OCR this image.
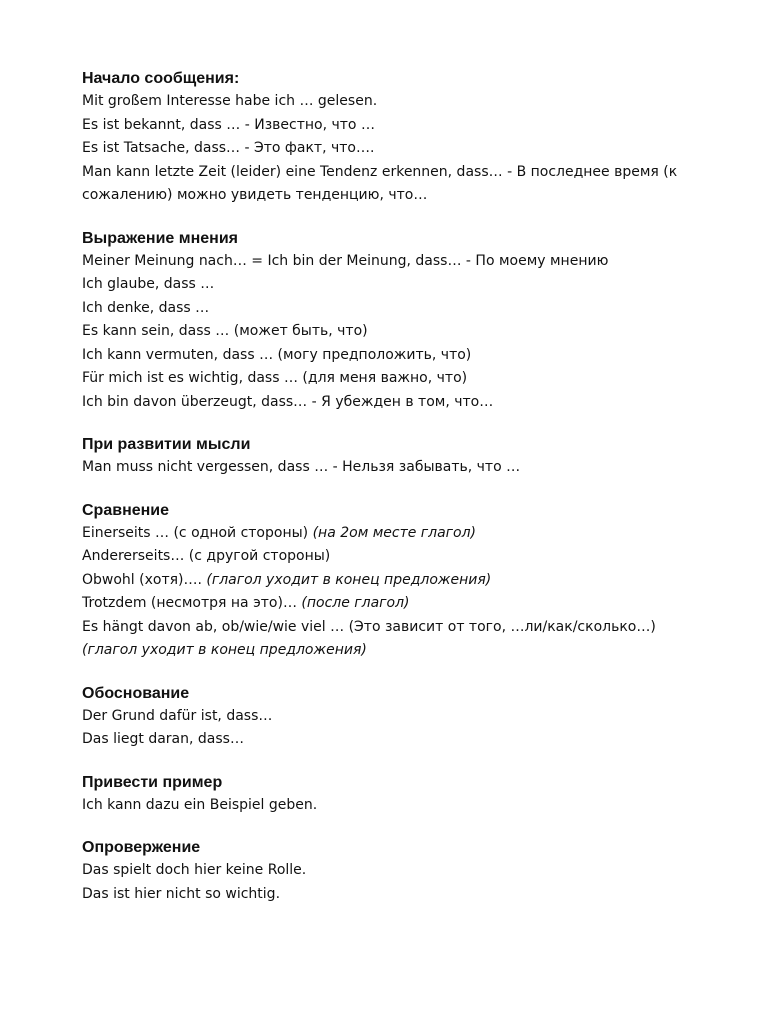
Начало сообщения:

Mit großem Interesse habe ich … gelesen.

Es ist bekannt, dass … - Известно, что …

Es ist Tatsache, dass… - Это факт, что….

Man kann letzte Zeit (leider) eine Tendenz erkennen, dass… - В последнее время (к сожалению) можно увидеть тенденцию, что…

Выражение мнения

Meiner Meinung nach… = Ich bin der Meinung, dass… - По моему мнению

Ich glaube, dass …

Ich denke, dass …

Es kann sein, dass … (может быть, что)

Ich kann vermuten, dass … (могу предположить, что)

Für mich ist es wichtig, dass … (для меня важно, что)

Ich bin davon überzeugt, dass… - Я убежден в том, что…

При развитии мысли

Man muss nicht vergessen, dass … - Нельзя забывать, что …

Сравнение

Einerseits … (с одной стороны) (на 2ом месте глагол)

Andererseits… (с другой стороны)

Obwohl (хотя)…. (глагол уходит в конец предложения)

Trotzdem (несмотря на это)… (после глагол)

Es hängt davon ab, ob/wie/wie viel … (Это зависит от того, …ли/как/сколько…)

(глагол уходит в конец предложения)

Обоснование

Der Grund dafür ist, dass…

Das liegt daran, dass…

Привести пример

Ich kann dazu ein Beispiel geben.

Опровержение

Das spielt doch hier keine Rolle.

Das ist hier nicht so wichtig.
